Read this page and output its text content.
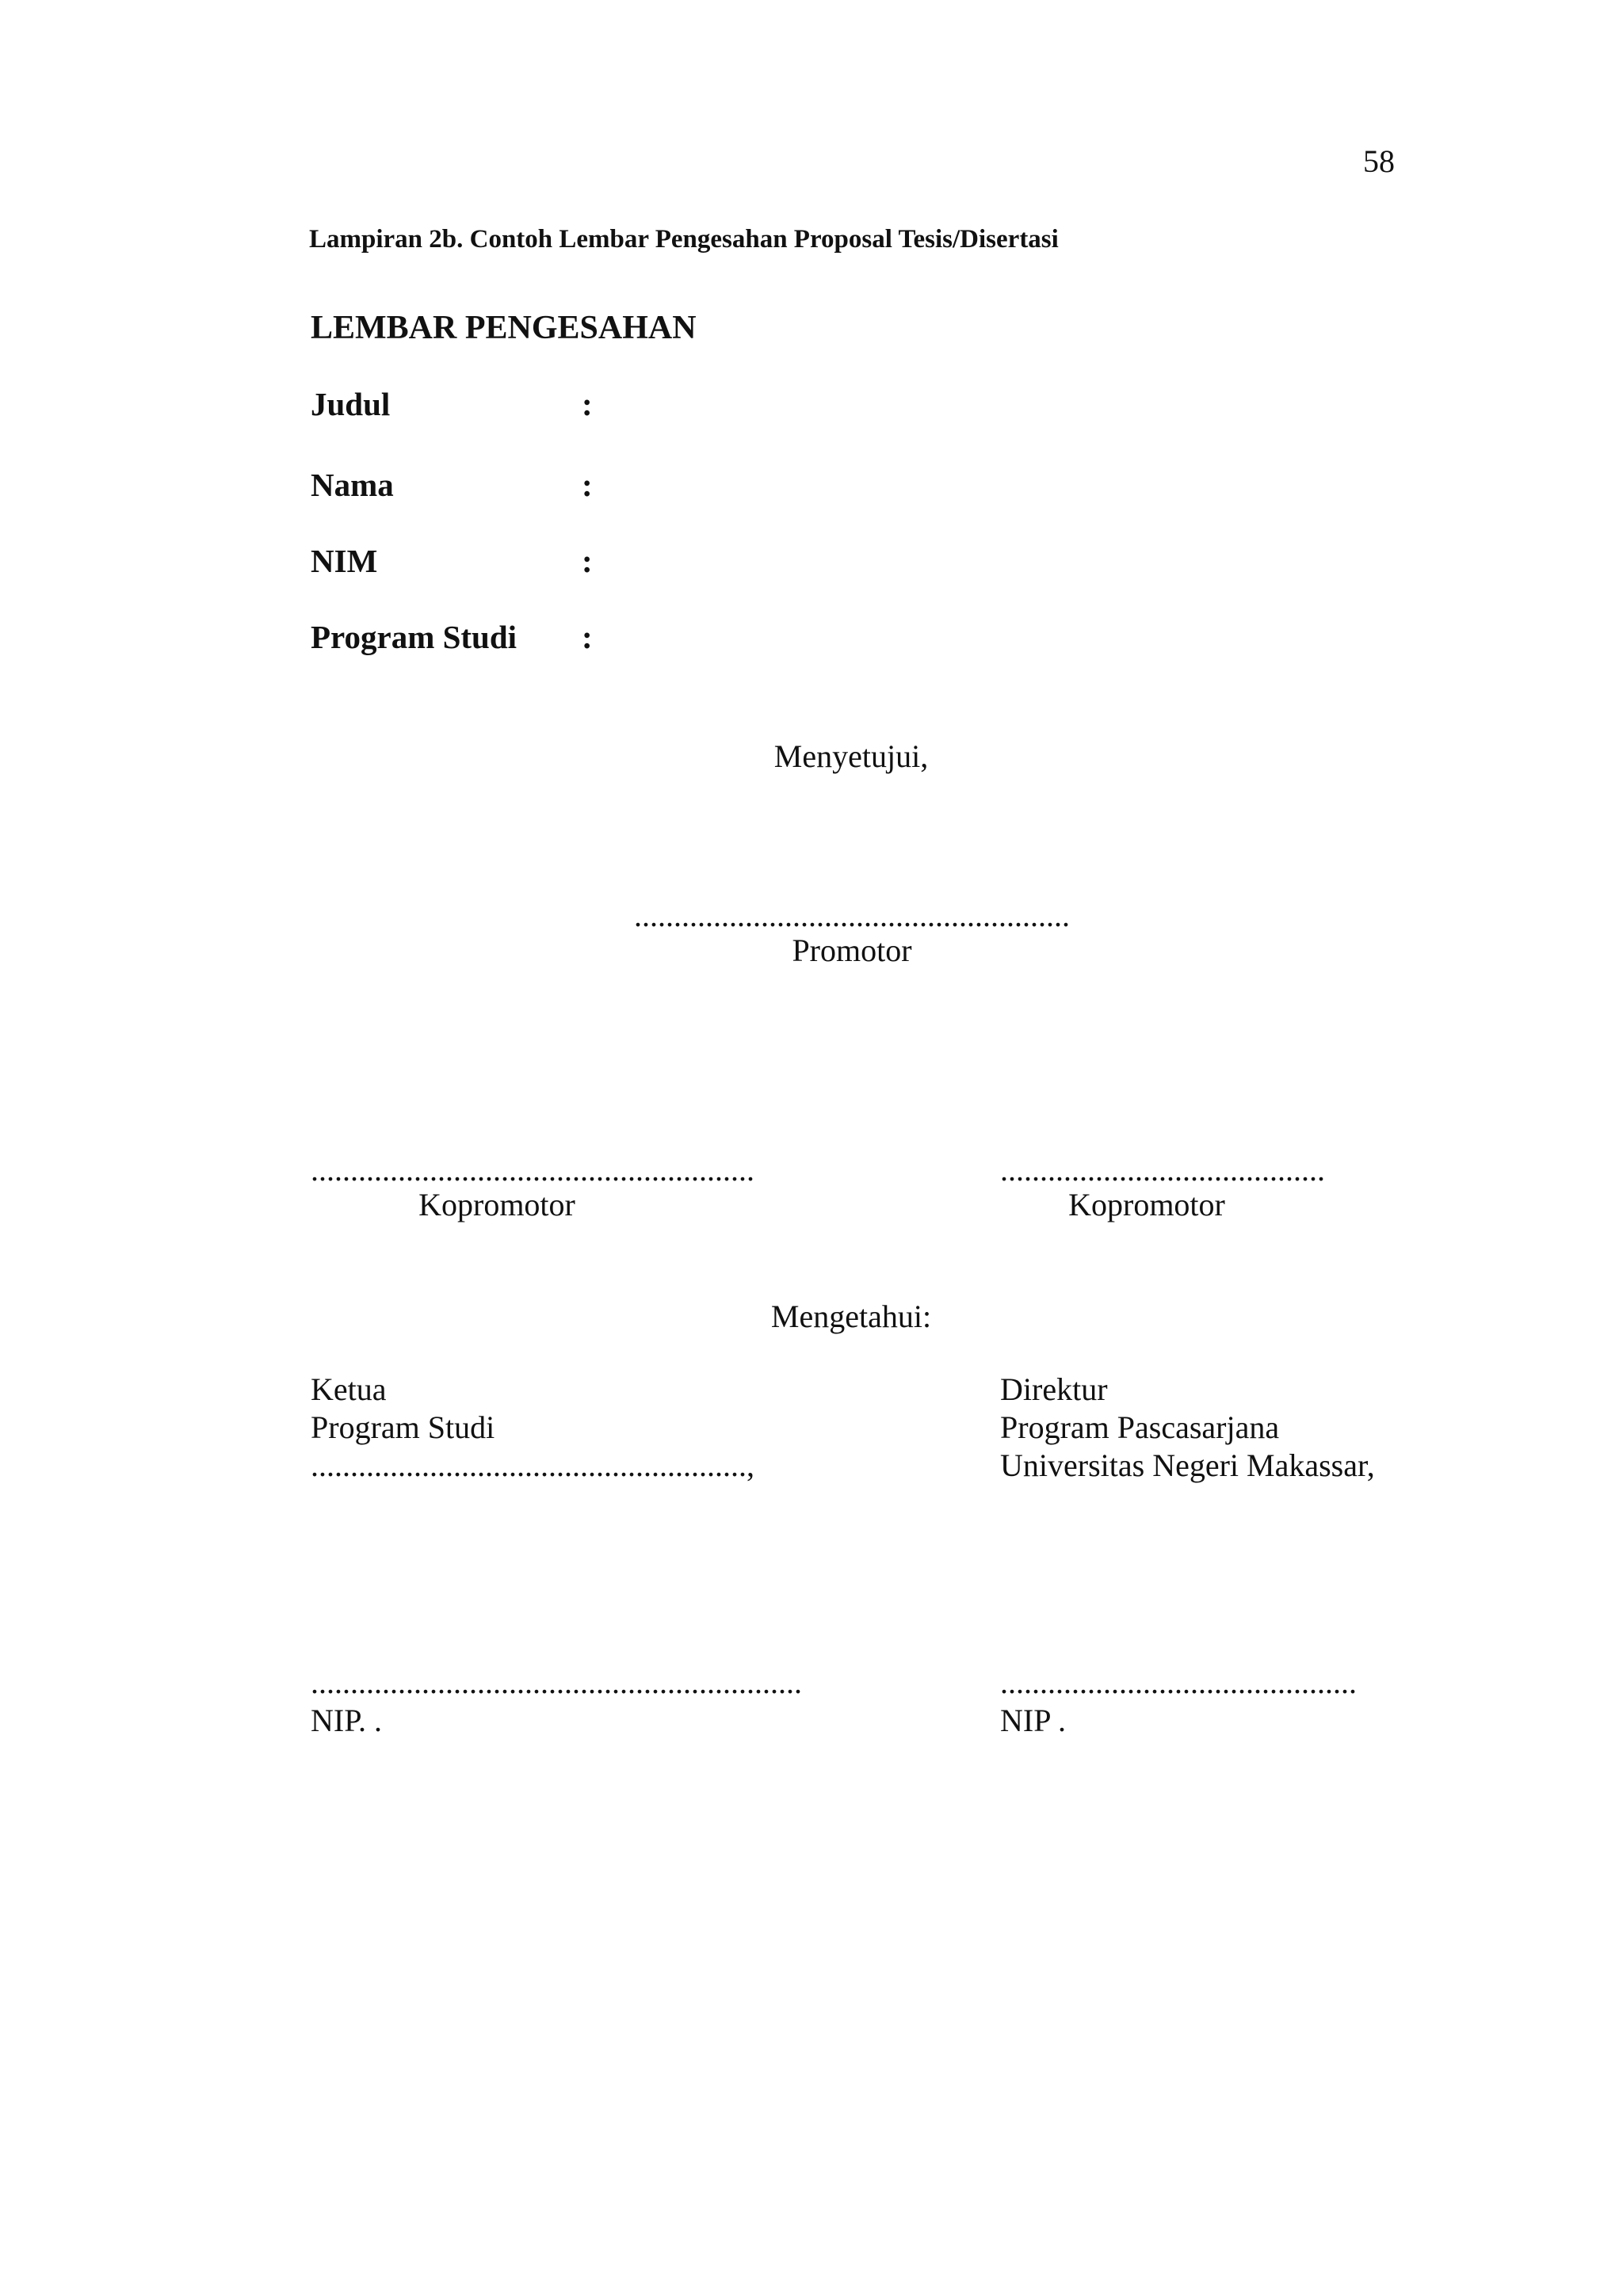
58
Lampiran 2b. Contoh Lembar Pengesahan Proposal Tesis/Disertasi
LEMBAR PENGESAHAN
Judul	:
Nama	:
NIM	:
Program Studi :
Menyetujui,
.......................................................
Promotor
........................................................
Kopromotor
.........................................
Kopromotor
Mengetahui:
Ketua
Program Studi
.......................................................,
Direktur
Program Pascasarjana
Universitas Negeri Makassar,
..............................................................
NIP. .
.............................................
NIP .
